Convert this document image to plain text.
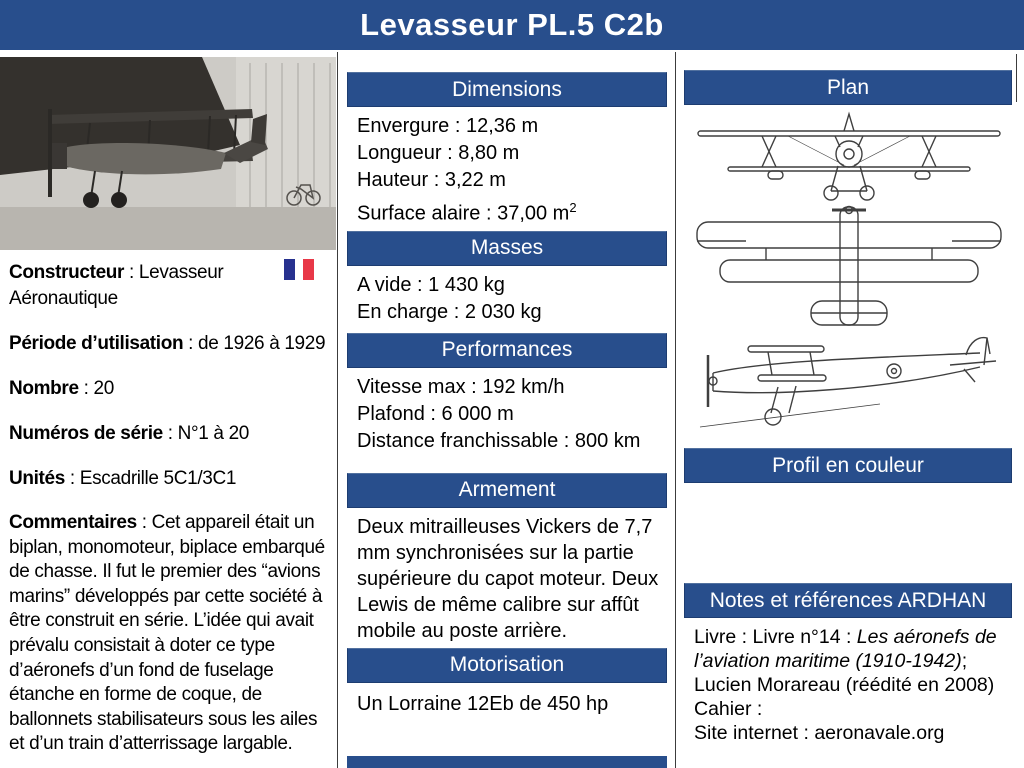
Levasseur PL.5 C2b

Constructeur : Levasseur Aéronautique

Période d’utilisation : de 1926 à 1929

Nombre : 20

Numéros de série : N°1 à 20

Unités : Escadrille 5C1/3C1

Commentaires : Cet appareil était un biplan, monomoteur, biplace embarqué de chasse. Il fut le premier des “avions marins” développés par cette société à être construit en série. L’idée qui avait prévalu consistait à doter ce type d’aéronefs d’un fond de fuselage étanche en forme de coque, de ballonnets stabilisateurs sous les ailes et d’un train d’atterrissage largable.

Dimensions
Envergure : 12,36 m
Longueur : 8,80 m
Hauteur : 3,22 m
Surface alaire : 37,00 $m^2$
Masses
A vide : 1 430 kg
En charge : 2 030 kg
Performances
Vitesse max : 192 km/h
Plafond : 6 000 m
Distance franchissable : 800 km
Armement
Deux mitrailleuses Vickers de 7,7 mm synchronisées sur la partie supérieure du capot moteur. Deux Lewis de même calibre sur affût mobile au poste arrière.
Motorisation
Un Lorraine 12Eb de 450 hp
Plan
Profil en couleur
Notes et références ARDHAN
Livre : Livre n°14 : Les aéronefs de l’aviation maritime (1910-1942); Lucien Morareau (réédité en 2008)
Cahier :
Site internet : aeronavale.org
